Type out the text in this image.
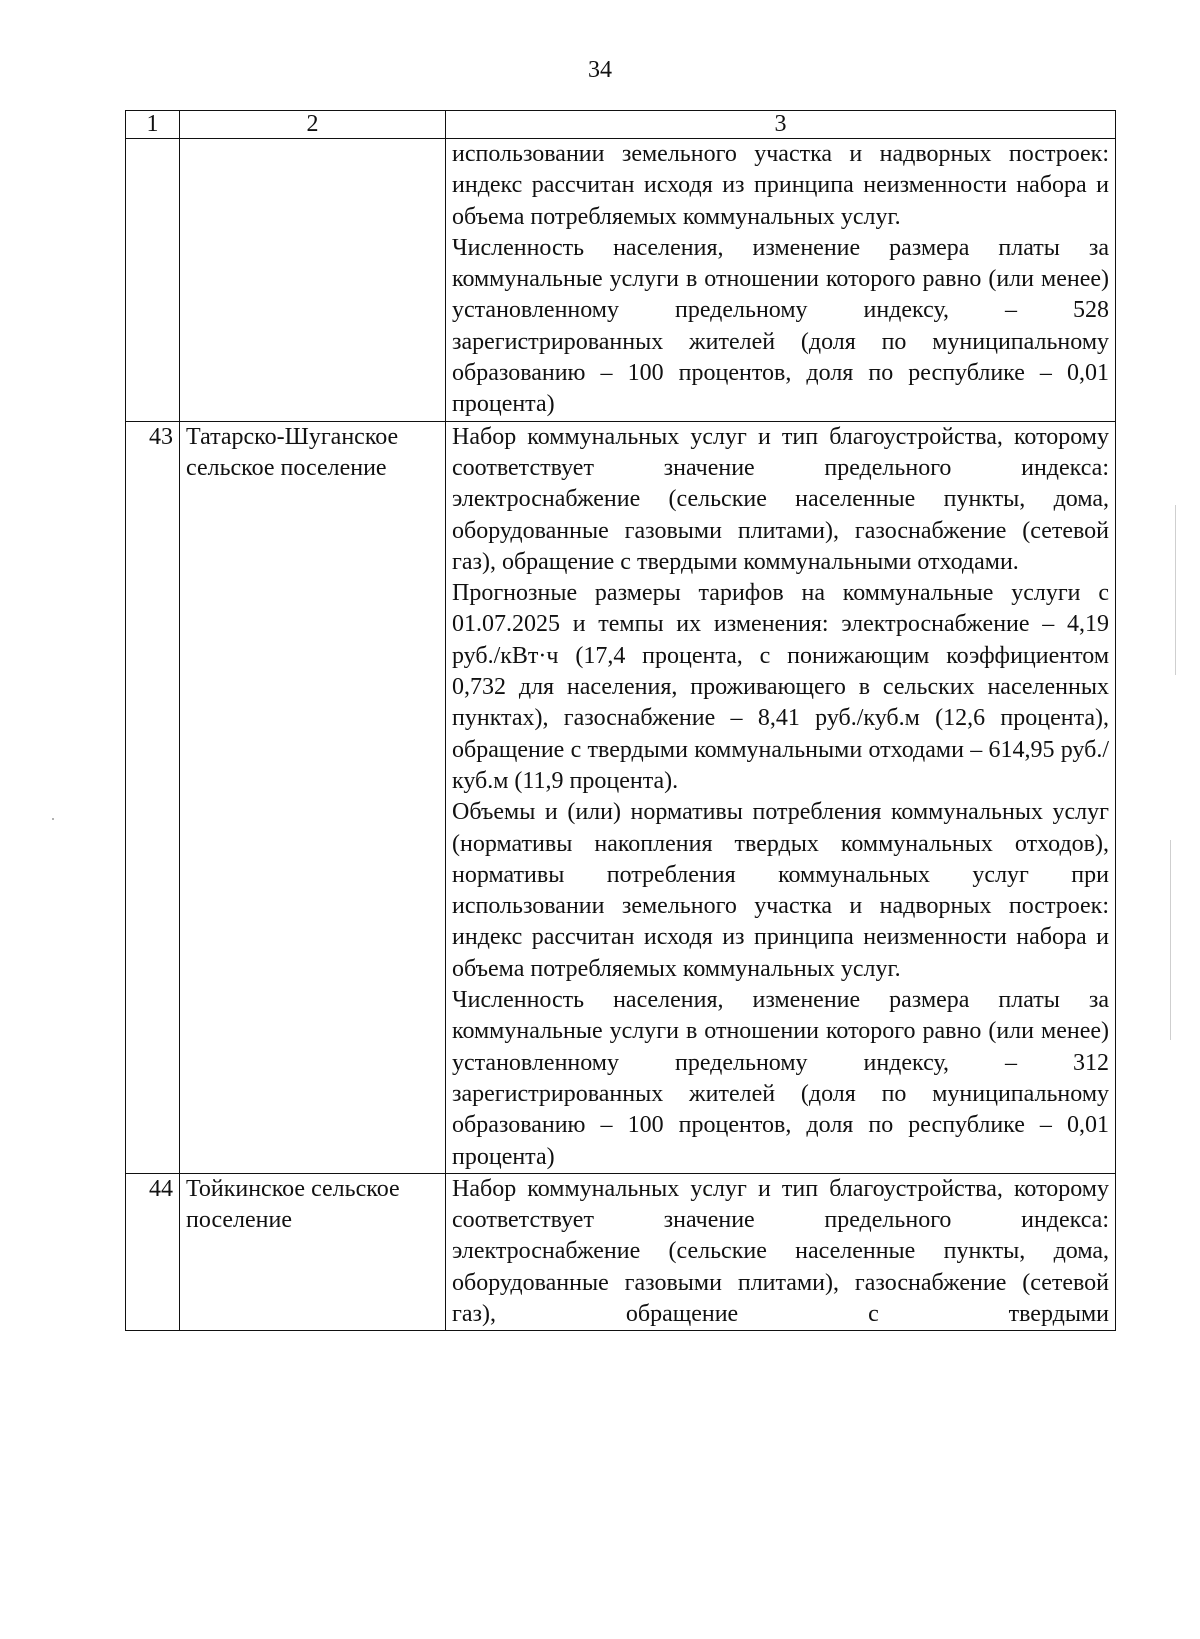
34
1	2	3

		использовании земельного участка и надворных построек: индекс рассчитан исходя из принципа неизменности набора и объема потребляемых коммунальных услуг.

Численность населения, изменение размера платы за коммунальные услуги в отношении которого равно (или менее) установленному предельному индексу, – 528 зарегистрированных жителей (доля по муниципальному образованию – 100 процентов, доля по республике – 0,01 процента)

43	Татарско-Шуганское сельское поселение	Набор коммунальных услуг и тип благоустройства, которому соответствует значение предельного индекса: электроснабжение (сельские населенные пункты, дома, оборудованные газовыми плитами), газоснабжение (сетевой газ), обращение с твердыми коммунальными отходами.

Прогнозные размеры тарифов на коммунальные услуги с 01.07.2025 и темпы их изменения: электроснабжение – 4,19 руб./кВт·ч (17,4 процента, с понижающим коэффициентом 0,732 для населения, проживающего в сельских населенных пунктах), газоснабжение – 8,41 руб./куб.м (12,6 процента), обращение с твердыми коммунальными отходами – 614,95 руб./куб.м (11,9 процента).

Объемы и (или) нормативы потребления коммунальных услуг (нормативы накопления твердых коммунальных отходов), нормативы потребления коммунальных услуг при использовании земельного участка и надворных построек: индекс рассчитан исходя из принципа неизменности набора и объема потребляемых коммунальных услуг.

Численность населения, изменение размера платы за коммунальные услуги в отношении которого равно (или менее) установленному предельному индексу, – 312 зарегистрированных жителей (доля по муниципальному образованию – 100 процентов, доля по республике – 0,01 процента)

44	Тойкинское сельское поселение	Набор коммунальных услуг и тип благоустройства, которому соответствует значение предельного индекса: электроснабжение (сельские населенные пункты, дома, оборудованные газовыми плитами), газоснабжение (сетевой газ), обращение с твердыми
